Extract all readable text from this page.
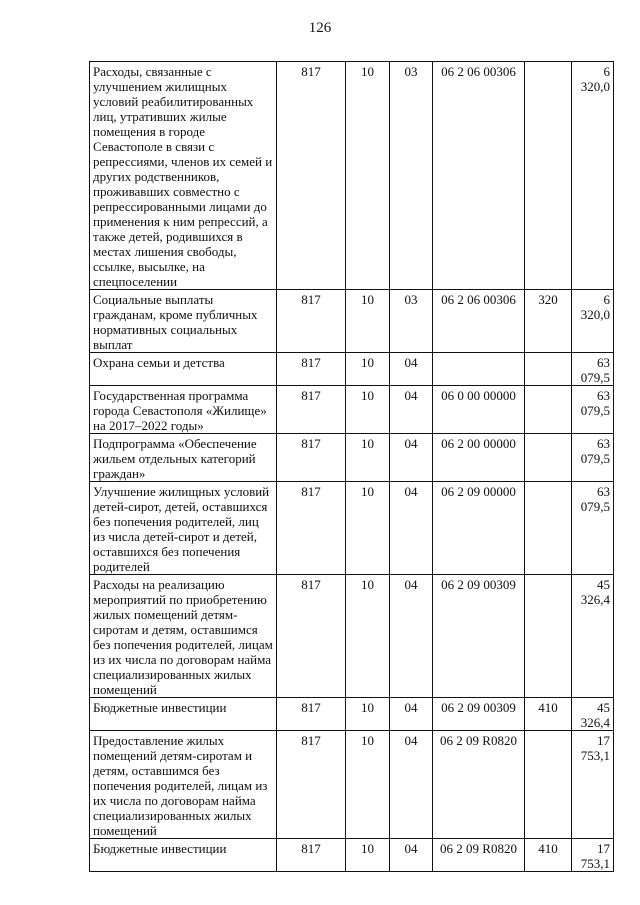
126
Расходы, связанные с улучшением жилищных условий реабилитированных лиц, утративших жилые помещения в городе Севастополе в связи с репрессиями, членов их семей и других родственников, проживавших совместно с репрессированными лицами до применения к ним репрессий, а также детей, родившихся в местах лишения свободы, ссылке, высылке, на спецпоселении	817	10	03	06 2 06 00306		6 320,0
Социальные выплаты гражданам, кроме публичных нормативных социальных выплат	817	10	03	06 2 06 00306	320	6 320,0
Охрана семьи и детства	817	10	04			63 079,5
Государственная программа города Севастополя «Жилище» на 2017–2022 годы»	817	10	04	06 0 00 00000		63 079,5
Подпрограмма «Обеспечение жильем отдельных категорий граждан»	817	10	04	06 2 00 00000		63 079,5
Улучшение жилищных условий детей-сирот, детей, оставшихся без попечения родителей, лиц из числа детей-сирот и детей, оставшихся без попечения родителей	817	10	04	06 2 09 00000		63 079,5
Расходы на реализацию мероприятий по приобретению жилых помещений детям-сиротам и детям, оставшимся без попечения родителей, лицам из их числа по договорам найма специализированных жилых помещений	817	10	04	06 2 09 00309		45 326,4
Бюджетные инвестиции	817	10	04	06 2 09 00309	410	45 326,4
Предоставление жилых помещений детям-сиротам и детям, оставшимся без попечения родителей, лицам из их числа по договорам найма специализированных жилых помещений	817	10	04	06 2 09 R0820		17 753,1
Бюджетные инвестиции	817	10	04	06 2 09 R0820	410	17 753,1
